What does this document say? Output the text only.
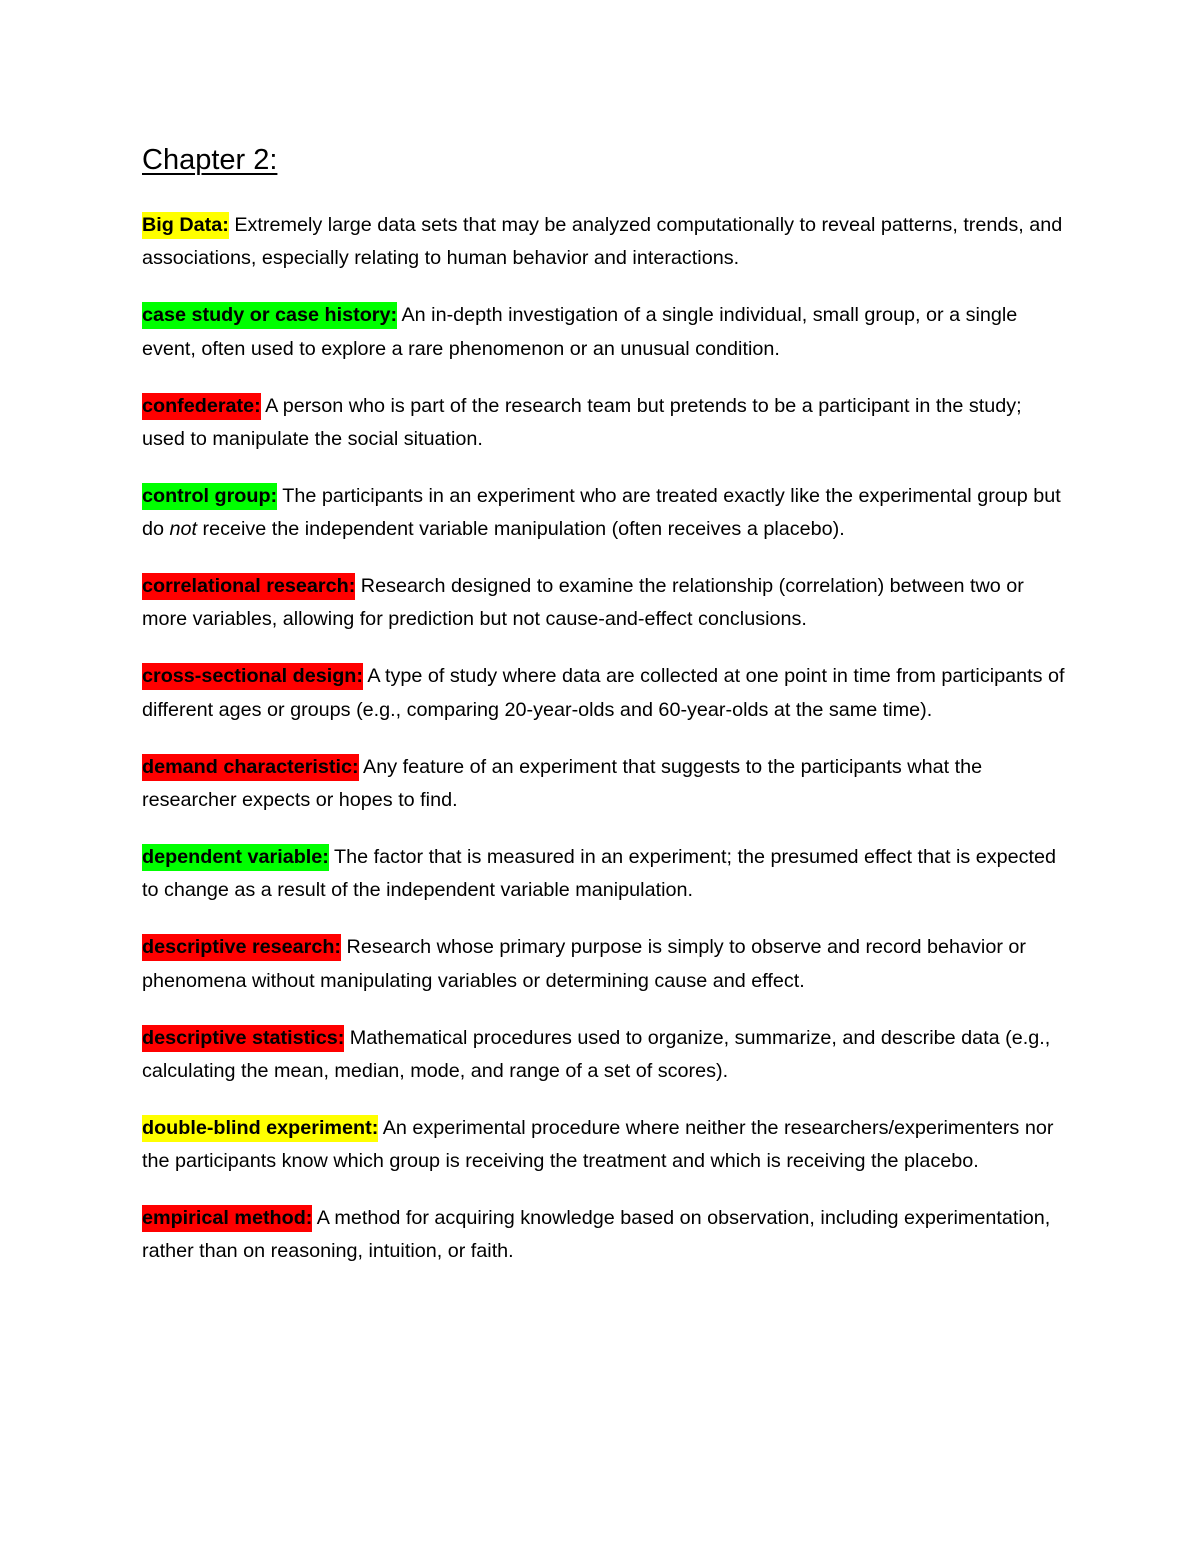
Chapter 2:
Big Data: Extremely large data sets that may be analyzed computationally to reveal patterns, trends, and associations, especially relating to human behavior and interactions.
case study or case history: An in-depth investigation of a single individual, small group, or a single event, often used to explore a rare phenomenon or an unusual condition.
confederate: A person who is part of the research team but pretends to be a participant in the study; used to manipulate the social situation.
control group: The participants in an experiment who are treated exactly like the experimental group but do not receive the independent variable manipulation (often receives a placebo).
correlational research: Research designed to examine the relationship (correlation) between two or more variables, allowing for prediction but not cause-and-effect conclusions.
cross-sectional design: A type of study where data are collected at one point in time from participants of different ages or groups (e.g., comparing 20-year-olds and 60-year-olds at the same time).
demand characteristic: Any feature of an experiment that suggests to the participants what the researcher expects or hopes to find.
dependent variable: The factor that is measured in an experiment; the presumed effect that is expected to change as a result of the independent variable manipulation.
descriptive research: Research whose primary purpose is simply to observe and record behavior or phenomena without manipulating variables or determining cause and effect.
descriptive statistics: Mathematical procedures used to organize, summarize, and describe data (e.g., calculating the mean, median, mode, and range of a set of scores).
double-blind experiment: An experimental procedure where neither the researchers/experimenters nor the participants know which group is receiving the treatment and which is receiving the placebo.
empirical method: A method for acquiring knowledge based on observation, including experimentation, rather than on reasoning, intuition, or faith.
